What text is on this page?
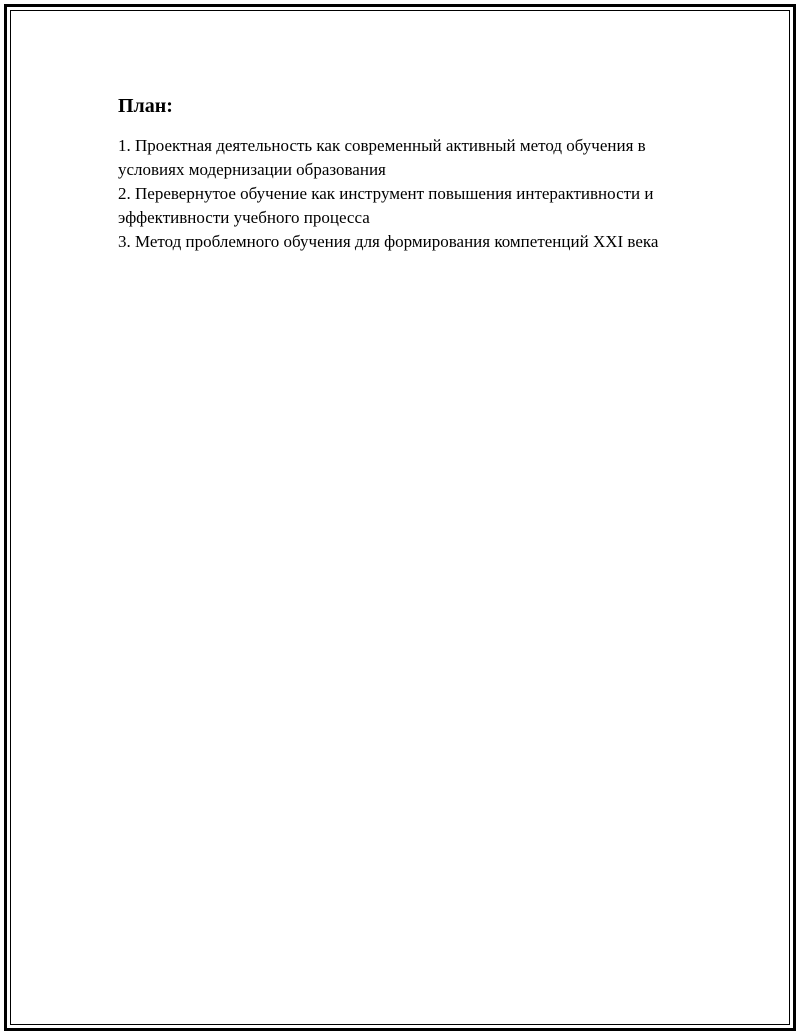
План:
1. Проектная деятельность как современный активный метод обучения в условиях модернизации образования
2. Перевернутое обучение как инструмент повышения интерактивности и эффективности учебного процесса
3. Метод проблемного обучения для формирования компетенций XXI века
